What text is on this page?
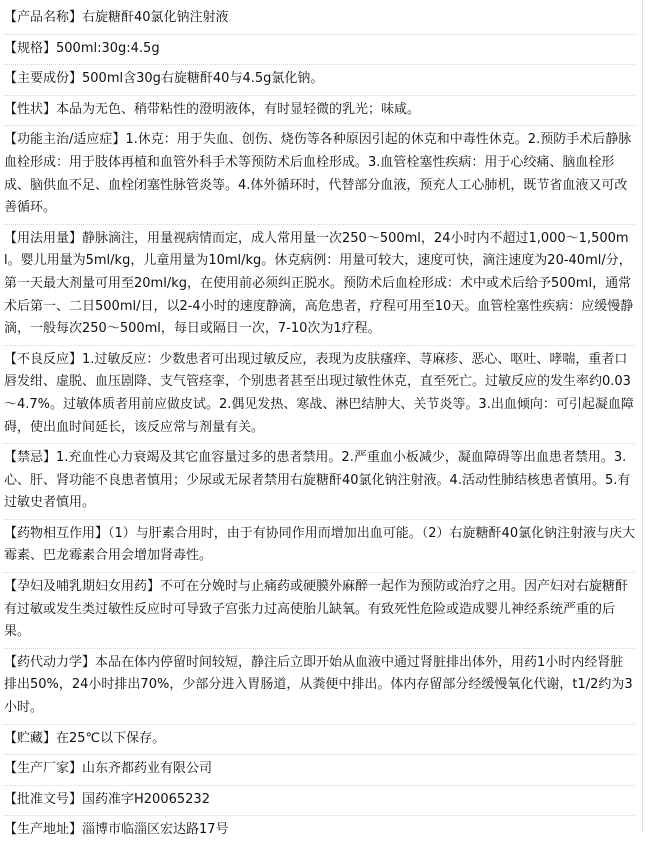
【产品名称】右旋糖酐40氯化钠注射液
【规格】500ml:30g:4.5g
【主要成份】500ml含30g右旋糖酐40与4.5g氯化钠。
【性状】本品为无色、稍带粘性的澄明液体，有时显轻微的乳光；味咸。
【功能主治/适应症】1.休克：用于失血、创伤、烧伤等各种原因引起的休克和中毒性休克。2.预防手术后静脉血栓形成：用于肢体再植和血管外科手术等预防术后血栓形成。3.血管栓塞性疾病：用于心绞痛、脑血栓形成、脑供血不足、血栓闭塞性脉管炎等。4.体外循环时，代替部分血液，预充人工心肺机，既节省血液又可改善循环。
【用法用量】静脉滴注，用量视病情而定，成人常用量一次250～500ml，24小时内不超过1,000～1,500ml。婴儿用量为5ml/kg，儿童用量为10ml/kg。休克病例：用量可较大，速度可快，滴注速度为20-40ml/分，第一天最大剂量可用至20ml/kg，在使用前必须纠正脱水。预防术后血栓形成：术中或术后给予500ml，通常术后第一、二日500ml/日，以2-4小时的速度静滴，高危患者，疗程可用至10天。血管栓塞性疾病：应缓慢静滴，一般每次250～500ml，每日或隔日一次，7-10次为1疗程。
【不良反应】1.过敏反应：少数患者可出现过敏反应，表现为皮肤瘙痒、荨麻疹、恶心、呕吐、哮喘，重者口唇发绀、虚脱、血压剧降、支气管痉挛，个别患者甚至出现过敏性休克，直至死亡。过敏反应的发生率约0.03～4.7%。过敏体质者用前应做皮试。2.偶见发热、寒战、淋巴结肿大、关节炎等。3.出血倾向：可引起凝血障碍，使出血时间延长，该反应常与剂量有关。
【禁忌】1.充血性心力衰竭及其它血容量过多的患者禁用。2.严重血小板减少，凝血障碍等出血患者禁用。3.心、肝、肾功能不良患者慎用；少尿或无尿者禁用右旋糖酐40氯化钠注射液。4.活动性肺结核患者慎用。5.有过敏史者慎用。
【药物相互作用】（1）与肝素合用时，由于有协同作用而增加出血可能。（2）右旋糖酐40氯化钠注射液与庆大霉素、巴龙霉素合用会增加肾毒性。
【孕妇及哺乳期妇女用药】不可在分娩时与止痛药或硬膜外麻醉一起作为预防或治疗之用。因产妇对右旋糖酐有过敏或发生类过敏性反应时可导致子宫张力过高使胎儿缺氧。有致死性危险或造成婴儿神经系统严重的后果。
【药代动力学】本品在体内停留时间较短，静注后立即开始从血液中通过肾脏排出体外，用药1小时内经肾脏排出50%，24小时排出70%，少部分进入胃肠道，从粪便中排出。体内存留部分经缓慢氧化代谢，t1/2约为3小时。
【贮藏】在25℃以下保存。
【生产厂家】山东齐都药业有限公司
【批准文号】国药准字H20065232
【生产地址】淄博市临淄区宏达路17号
